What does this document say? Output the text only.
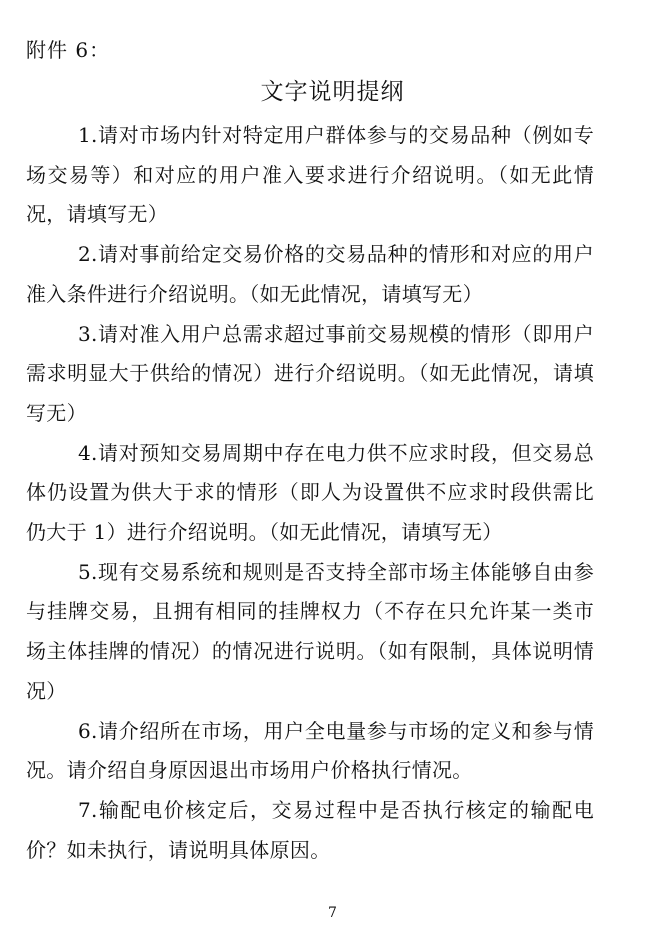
附件 6：
文字说明提纲

1.请对市场内针对特定用户群体参与的交易品种（例如专场交易等）和对应的用户准入要求进行介绍说明。（如无此情况，请填写无）

2.请对事前给定交易价格的交易品种的情形和对应的用户准入条件进行介绍说明。（如无此情况，请填写无）

3.请对准入用户总需求超过事前交易规模的情形（即用户需求明显大于供给的情况）进行介绍说明。（如无此情况，请填写无）

4.请对预知交易周期中存在电力供不应求时段，但交易总体仍设置为供大于求的情形（即人为设置供不应求时段供需比仍大于 1）进行介绍说明。（如无此情况，请填写无）

5.现有交易系统和规则是否支持全部市场主体能够自由参与挂牌交易，且拥有相同的挂牌权力（不存在只允许某一类市场主体挂牌的情况）的情况进行说明。（如有限制，具体说明情况）

6.请介绍所在市场，用户全电量参与市场的定义和参与情况。请介绍自身原因退出市场用户价格执行情况。

7.输配电价核定后，交易过程中是否执行核定的输配电价？如未执行，请说明具体原因。

7
